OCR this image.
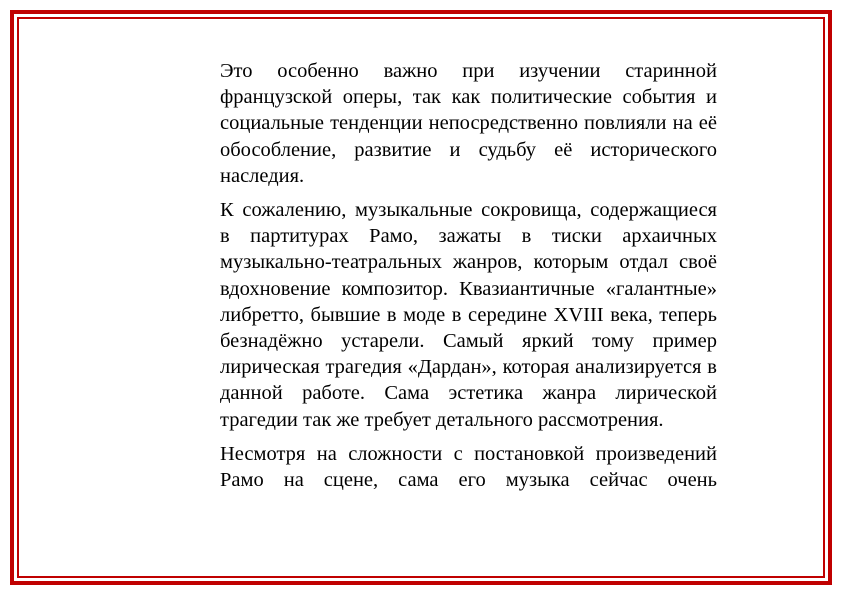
Это особенно важно при изучении старинной французской оперы, так как политические события и социальные тенденции непосредственно повлияли на её обособление, развитие и судьбу её исторического наследия.

К сожалению, музыкальные сокровища, содержащиеся в партитурах Рамо, зажаты в тиски архаичных музыкально-театральных жанров, которым отдал своё вдохновение композитор. Квазиантичные «галантные» либретто, бывшие в моде в середине XVIII века, теперь безнадёжно устарели. Самый яркий тому пример лирическая трагедия «Дардан», которая анализируется в данной работе. Сама эстетика жанра лирической трагедии так же требует детального рассмотрения.

Несмотря на сложности с постановкой произведений Рамо на сцене, сама его музыка сейчас очень
